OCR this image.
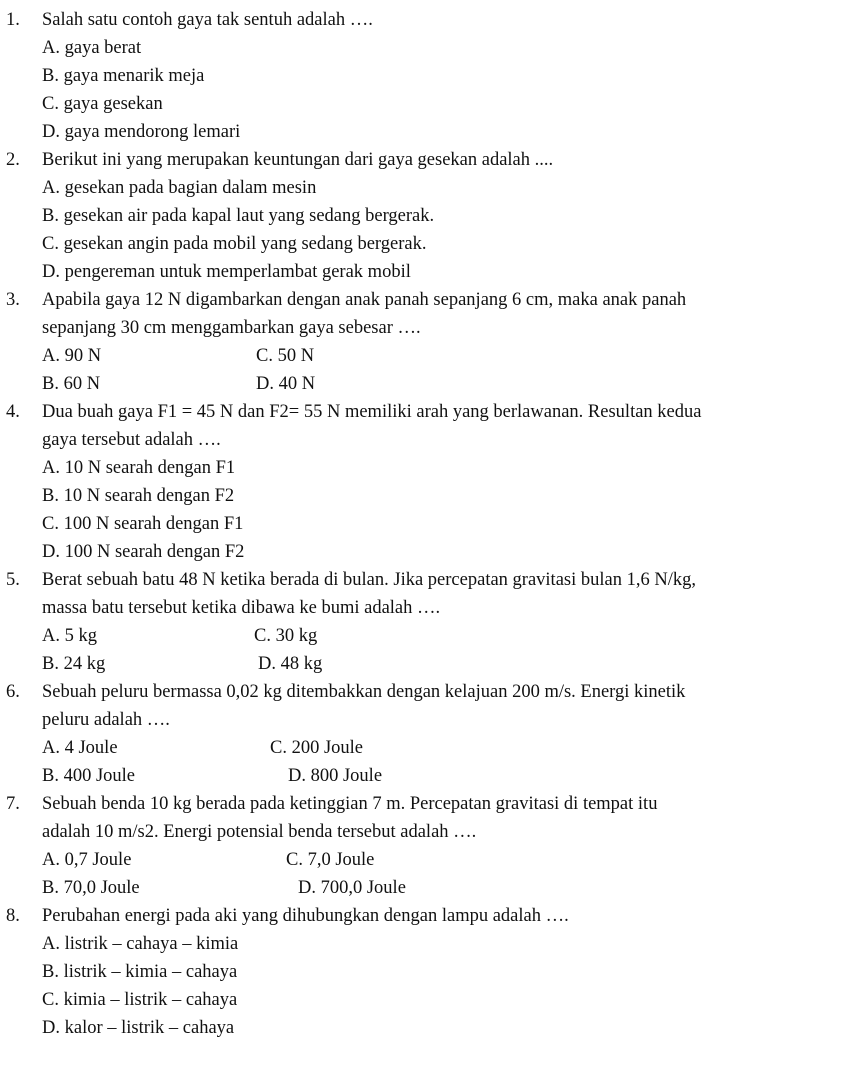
1. Salah satu contoh gaya tak sentuh adalah ….
A. gaya berat
B. gaya menarik meja
C. gaya gesekan
D. gaya mendorong lemari
2. Berikut ini yang merupakan keuntungan dari gaya gesekan adalah ....
A. gesekan pada bagian dalam mesin
B. gesekan air pada kapal laut yang sedang bergerak.
C. gesekan angin pada mobil yang sedang bergerak.
D. pengereman untuk memperlambat gerak mobil
3. Apabila gaya 12 N digambarkan dengan anak panah sepanjang 6 cm, maka anak panah
sepanjang 30 cm menggambarkan gaya sebesar ….
A. 90 N	C. 50 N
B. 60 N	D. 40 N
4. Dua buah gaya F1 = 45 N dan F2= 55 N memiliki arah yang berlawanan. Resultan kedua
gaya tersebut adalah ….
A. 10 N searah dengan F1
B. 10 N searah dengan F2
C. 100 N searah dengan F1
D. 100 N searah dengan F2
5. Berat sebuah batu 48 N ketika berada di bulan. Jika percepatan gravitasi bulan 1,6 N/kg,
massa batu tersebut ketika dibawa ke bumi adalah ….
A. 5 kg	C. 30 kg
B. 24 kg	D. 48 kg
6. Sebuah peluru bermassa 0,02 kg ditembakkan dengan kelajuan 200 m/s. Energi kinetik
peluru adalah ….
A. 4 Joule	C. 200 Joule
B. 400 Joule	D. 800 Joule
7. Sebuah benda 10 kg berada pada ketinggian 7 m. Percepatan gravitasi di tempat itu
adalah 10 m/s2. Energi potensial benda tersebut adalah ….
A. 0,7 Joule	C. 7,0 Joule
B. 70,0 Joule	D. 700,0 Joule
8. Perubahan energi pada aki yang dihubungkan dengan lampu adalah ….
A. listrik – cahaya – kimia
B. listrik – kimia – cahaya
C. kimia – listrik – cahaya
D. kalor – listrik – cahaya
